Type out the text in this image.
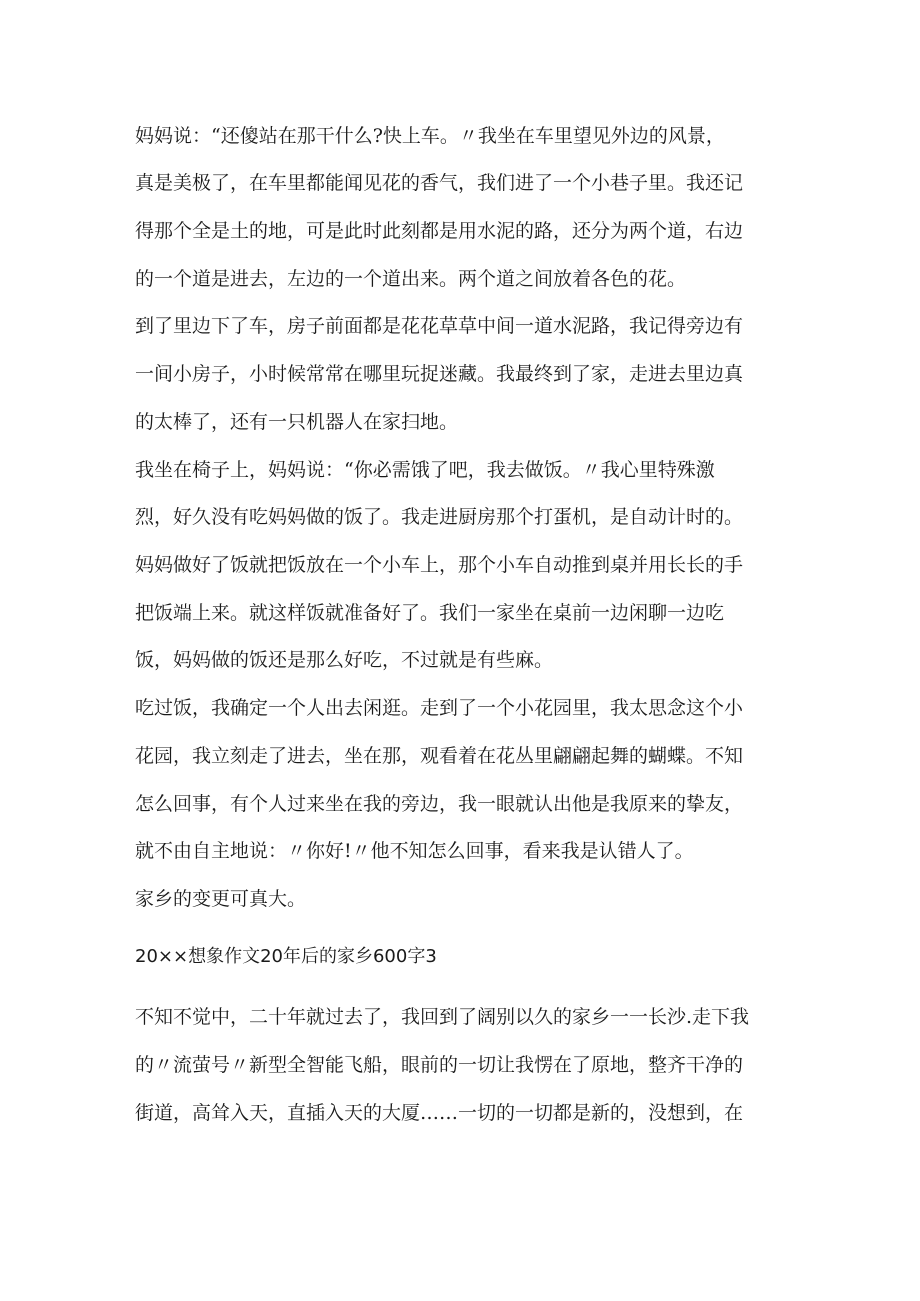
妈妈说：“还傻站在那干什么?快上车。〃我坐在车里望见外边的风景，

真是美极了，在车里都能闻见花的香气，我们进了一个小巷子里。我还记

得那个全是土的地，可是此时此刻都是用水泥的路，还分为两个道，右边

的一个道是进去，左边的一个道出来。两个道之间放着各色的花。

到了里边下了车，房子前面都是花花草草中间一道水泥路，我记得旁边有

一间小房子，小时候常常在哪里玩捉迷藏。我最终到了家，走进去里边真

的太棒了，还有一只机器人在家扫地。

我坐在椅子上，妈妈说：“你必需饿了吧，我去做饭。〃我心里特殊激

烈，好久没有吃妈妈做的饭了。我走进厨房那个打蛋机，是自动计时的。

妈妈做好了饭就把饭放在一个小车上，那个小车自动推到桌并用长长的手

把饭端上来。就这样饭就准备好了。我们一家坐在桌前一边闲聊一边吃

饭，妈妈做的饭还是那么好吃，不过就是有些麻。

吃过饭，我确定一个人出去闲逛。走到了一个小花园里，我太思念这个小

花园，我立刻走了进去，坐在那，观看着在花丛里翩翩起舞的蝴蝶。不知

怎么回事，有个人过来坐在我的旁边，我一眼就认出他是我原来的挚友，

就不由自主地说：〃你好!〃他不知怎么回事，看来我是认错人了。

家乡的变更可真大。

20××想象作文20年后的家乡600字3

不知不觉中，二十年就过去了，我回到了阔别以久的家乡一一长沙.走下我

的〃流萤号〃新型全智能飞船，眼前的一切让我愣在了原地，整齐干净的

街道，高耸入天，直插入天的大厦……一切的一切都是新的，没想到，在
